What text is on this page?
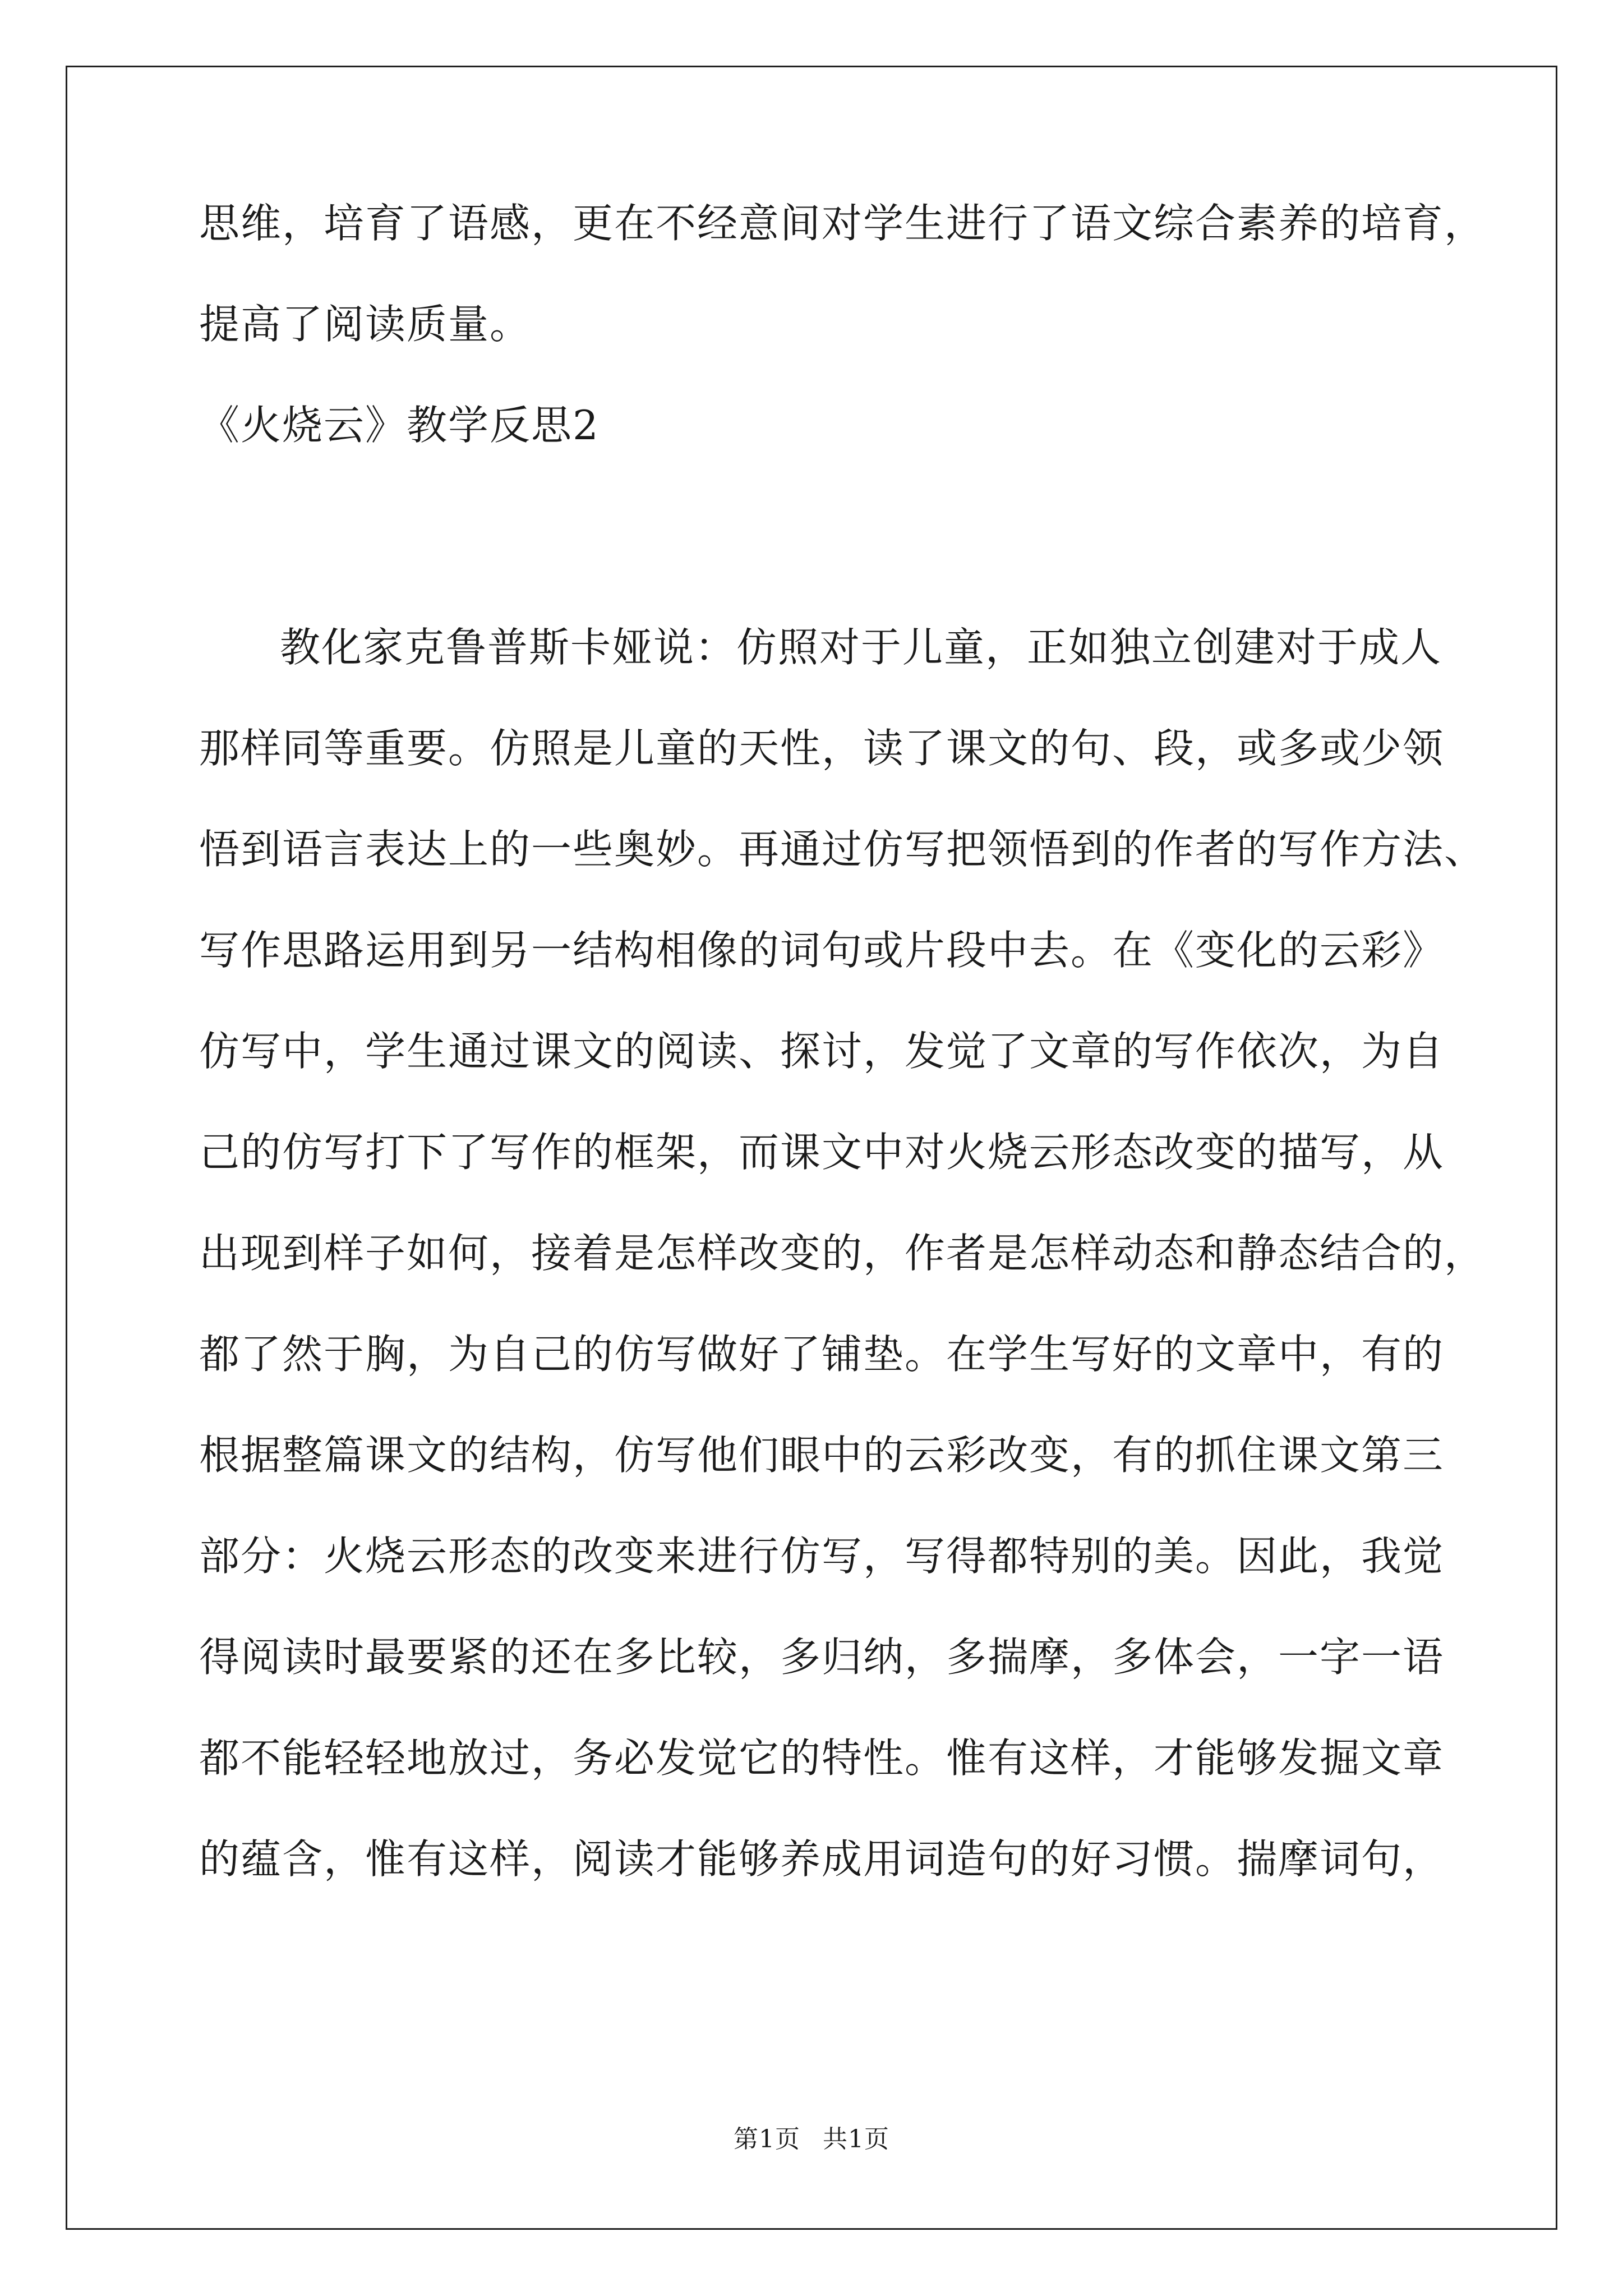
思维，培育了语感，更在不经意间对学生进行了语文综合素养的培育，
提高了阅读质量。
《火烧云》教学反思2
教化家克鲁普斯卡娅说：仿照对于儿童，正如独立创建对于成人
那样同等重要。仿照是儿童的天性，读了课文的句、段，或多或少领
悟到语言表达上的一些奥妙。再通过仿写把领悟到的作者的写作方法、
写作思路运用到另一结构相像的词句或片段中去。在《变化的云彩》
仿写中，学生通过课文的阅读、探讨，发觉了文章的写作依次，为自
己的仿写打下了写作的框架，而课文中对火烧云形态改变的描写，从
出现到样子如何，接着是怎样改变的，作者是怎样动态和静态结合的，
都了然于胸，为自己的仿写做好了铺垫。在学生写好的文章中，有的
根据整篇课文的结构，仿写他们眼中的云彩改变，有的抓住课文第三
部分：火烧云形态的改变来进行仿写，写得都特别的美。因此，我觉
得阅读时最要紧的还在多比较，多归纳，多揣摩，多体会，一字一语
都不能轻轻地放过，务必发觉它的特性。惟有这样，才能够发掘文章
的蕴含，惟有这样，阅读才能够养成用词造句的好习惯。揣摩词句，
第1页 共1页
